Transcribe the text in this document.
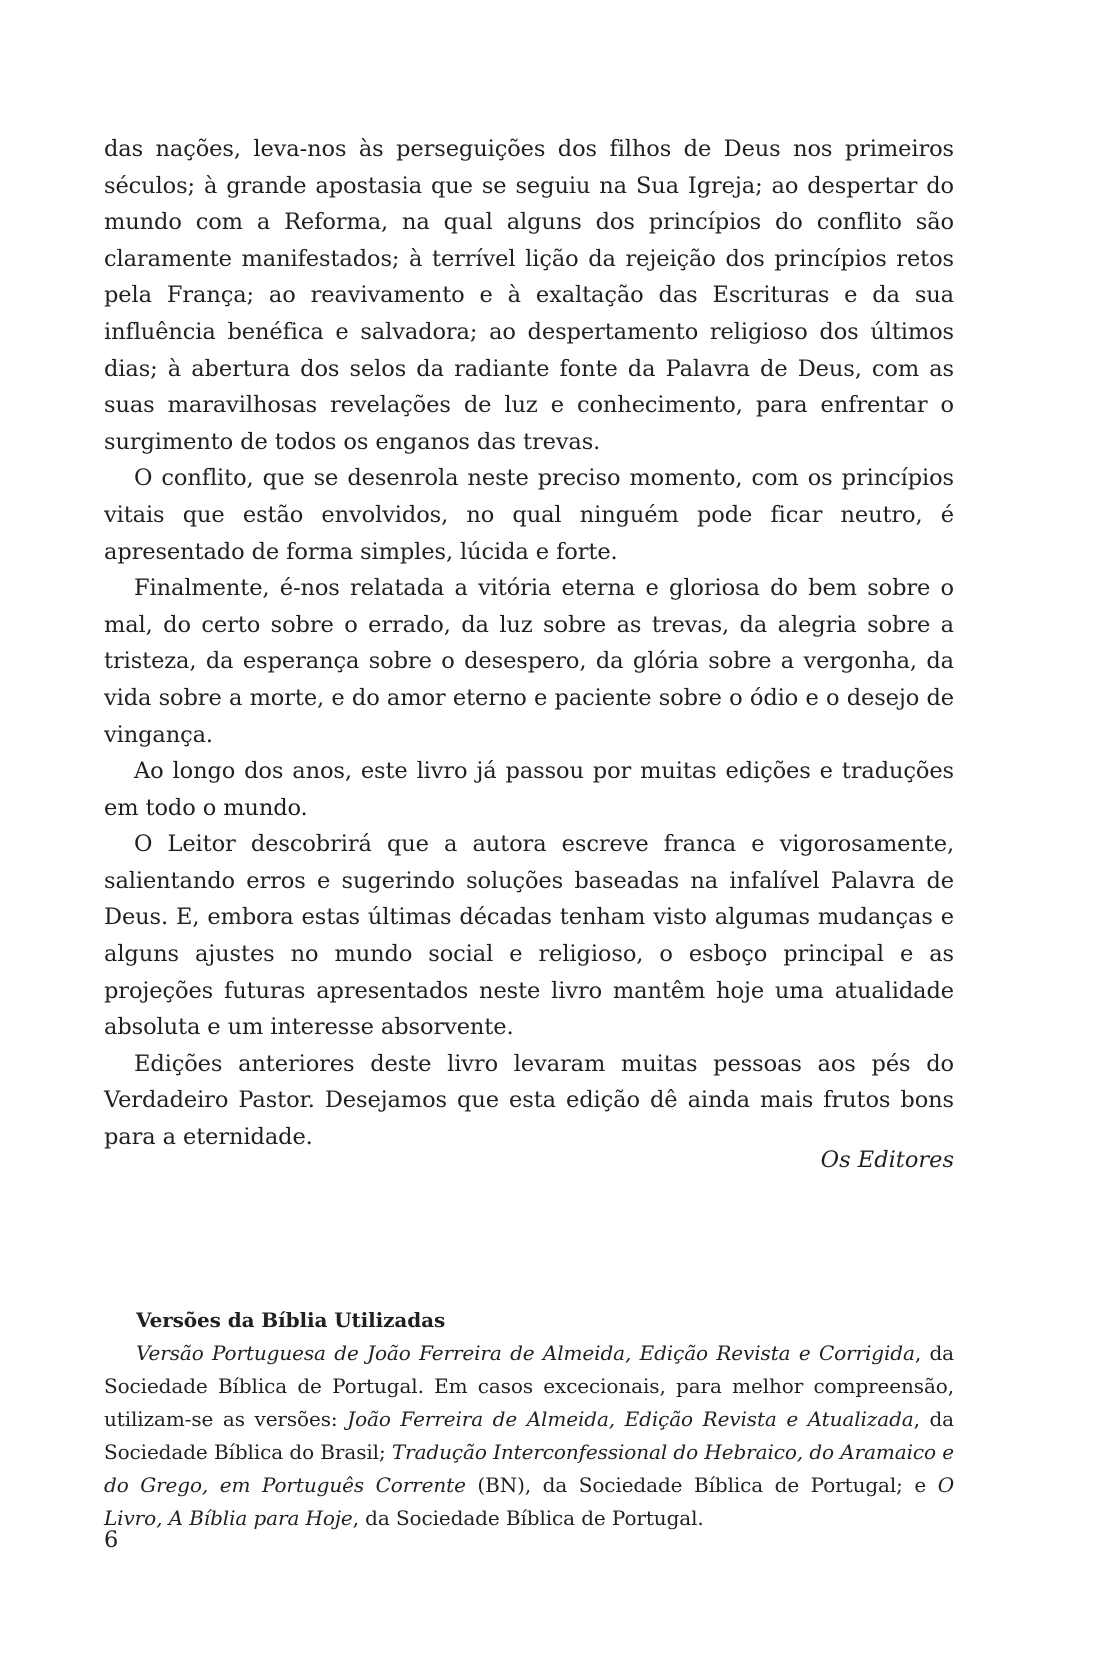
das nações, leva-nos às perseguições dos filhos de Deus nos primeiros séculos; à grande apostasia que se seguiu na Sua Igreja; ao despertar do mundo com a Reforma, na qual alguns dos princípios do conflito são claramente manifestados; à terrível lição da rejeição dos princípios retos pela França; ao reavivamento e à exaltação das Escrituras e da sua influência benéfica e salvadora; ao despertamento religioso dos últimos dias; à abertura dos selos da radiante fonte da Palavra de Deus, com as suas maravilhosas revelações de luz e conhecimento, para enfrentar o surgimento de todos os enganos das trevas.

O conflito, que se desenrola neste preciso momento, com os princípios vitais que estão envolvidos, no qual ninguém pode ficar neutro, é apresentado de forma simples, lúcida e forte.

Finalmente, é-nos relatada a vitória eterna e gloriosa do bem sobre o mal, do certo sobre o errado, da luz sobre as trevas, da alegria sobre a tristeza, da esperança sobre o desespero, da glória sobre a vergonha, da vida sobre a morte, e do amor eterno e paciente sobre o ódio e o desejo de vingança.

Ao longo dos anos, este livro já passou por muitas edições e traduções em todo o mundo.

O Leitor descobrirá que a autora escreve franca e vigorosamente, salientando erros e sugerindo soluções baseadas na infalível Palavra de Deus. E, embora estas últimas décadas tenham visto algumas mudanças e alguns ajustes no mundo social e religioso, o esboço principal e as projeções futuras apresentados neste livro mantêm hoje uma atualidade absoluta e um interesse absorvente.

Edições anteriores deste livro levaram muitas pessoas aos pés do Verdadeiro Pastor. Desejamos que esta edição dê ainda mais frutos bons para a eternidade.

Os Editores
Versões da Bíblia Utilizadas

Versão Portuguesa de João Ferreira de Almeida, Edição Revista e Corrigida, da Sociedade Bíblica de Portugal. Em casos excecionais, para melhor compreensão, utilizam-se as versões: João Ferreira de Almeida, Edição Revista e Atualizada, da Sociedade Bíblica do Brasil; Tradução Interconfessional do Hebraico, do Aramaico e do Grego, em Português Corrente (BN), da Sociedade Bíblica de Portugal; e O Livro, A Bíblia para Hoje, da Sociedade Bíblica de Portugal.

6
